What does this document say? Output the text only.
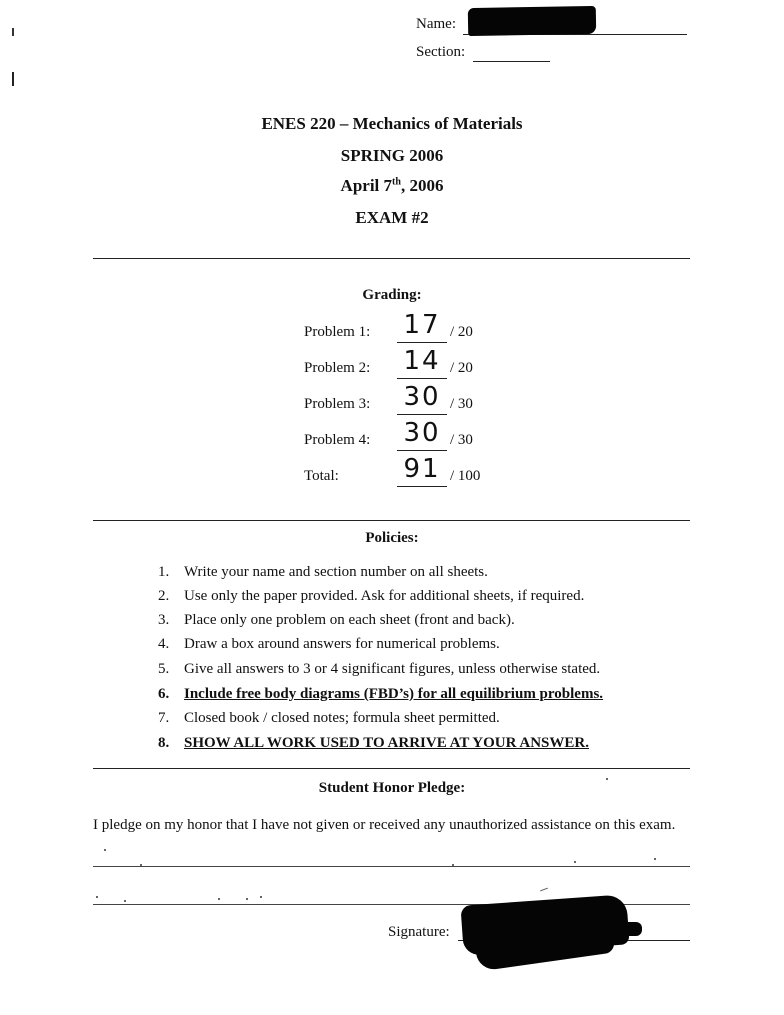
Name:
Section:
ENES 220 – Mechanics of Materials
SPRING 2006
April 7th, 2006
EXAM #2
Grading:
Problem 1: 17 / 20
Problem 2: 14 / 20
Problem 3: 30 / 30
Problem 4: 30 / 30
Total: 91 / 100
Policies:
1. Write your name and section number on all sheets.
2. Use only the paper provided. Ask for additional sheets, if required.
3. Place only one problem on each sheet (front and back).
4. Draw a box around answers for numerical problems.
5. Give all answers to 3 or 4 significant figures, unless otherwise stated.
6. Include free body diagrams (FBD’s) for all equilibrium problems.
7. Closed book / closed notes; formula sheet permitted.
8. SHOW ALL WORK USED TO ARRIVE AT YOUR ANSWER.
Student Honor Pledge:
I pledge on my honor that I have not given or received any unauthorized assistance on this exam.
Signature:
